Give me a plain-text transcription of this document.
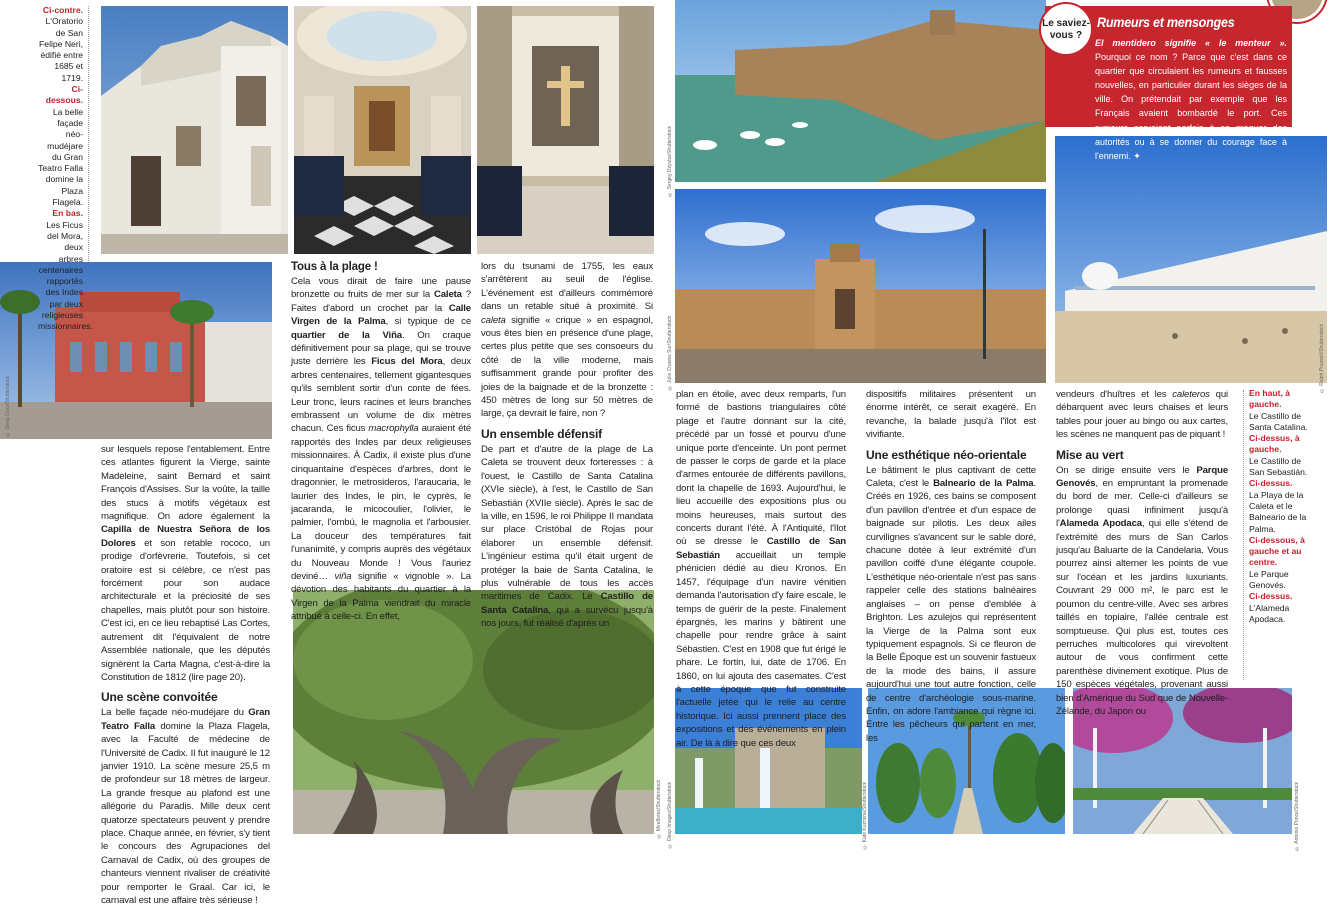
© Deep Gray/Shutterstock
© Sergey Dzyuba/Shutterstock
© Julio Chaves Sur/Shutterstock	© Ralph Prusseit/Shutterstock
© Miraflores/Shutterstock © Deep Images/Shutterstock	© Kate Kuzmina/Shutterstock	© Antonio Ponce/Shutterstock
Ci-contre.
L'Oratorio de San Felipe Neri, édifié entre 1685 et 1719.
Ci-dessous.
La belle façade néo-mudéjare du Gran Teatro Falla domine la Plaza Flagela.
En bas.
Les Ficus del Mora, deux arbres centenaires rapportés des Indes par deux religieuses missionnaires.

En haut, à gauche.
Le Castillo de Santa Catalina.
Ci-dessus, à gauche.
Le Castillo de San Sebastián.
Ci-dessus.
La Playa de la Caleta et le Balneario de la Palma.
Ci-dessous, à gauche et au centre.
Le Parque Genovés.
Ci-dessus.
L'Alameda Apodaca.

Le saviez-vous ?
Rumeurs et mensonges
El mentidero signifie « le menteur ». Pourquoi ce nom ? Parce que c'est dans ce quartier que circulaient les rumeurs et fausses nouvelles, en particulier durant les sièges de la ville. On prétendait par exemple que les Français avaient bombardé le port. Ces rumeurs servaient parfois à se moquer des autorités ou à se donner du courage face à l'ennemi. ✦

sur lesquels repose l'entablement. Entre ces atlantes figurent la Vierge, sainte Madeleine, saint Bernard et saint François d'Assises. Sur la voûte, la taille des stucs à motifs végétaux est magnifique. On adore également la Capilla de Nuestra Señora de los Dolores et son retable rococo, un prodige d'orfèvrerie. Toutefois, si cet oratoire est si célèbre, ce n'est pas forcément pour son audace architecturale et la préciosité de ses chapelles, mais plutôt pour son histoire. C'est ici, en ce lieu rebaptisé Las Cortes, autrement dit l'équivalent de notre Assemblée nationale, que les députés signèrent la Carta Magna, c'est-à-dire la Constitution de 1812 (lire page 20).

Une scène convoitée

La belle façade néo-mudéjare du Gran Teatro Falla domine la Plaza Flagela, avec la Faculté de médecine de l'Université de Cadix. Il fut inauguré le 12 janvier 1910. La scène mesure 25,5 m de profondeur sur 18 mètres de largeur. La grande fresque au plafond est une allégorie du Paradis. Mille deux cent quatorze spectateurs peuvent y prendre place. Chaque année, en février, s'y tient le concours des Agrupaciones del Carnaval de Cadix, où des groupes de chanteurs viennent rivaliser de créativité pour remporter le Graal. Car ici, le carnaval est une affaire très sérieuse !

Tous à la plage !

Cela vous dirait de faire une pause bronzette ou fruits de mer sur la Caleta ? Faites d'abord un crochet par la Calle Virgen de la Palma, si typique de ce quartier de la Viña. On craque définitivement pour sa plage, qui se trouve juste derrière les Ficus del Mora, deux arbres centenaires, tellement gigantesques qu'ils semblent sortir d'un conte de fées. Leur tronc, leurs racines et leurs branches embrassent un volume de dix mètres chacun. Ces ficus macrophylla auraient été rapportés des Indes par deux religieuses missionnaires. À Cadix, il existe plus d'une cinquantaine d'espèces d'arbres, dont le dragonnier, le metrosideros, l'araucaria, le laurier des Indes, le pin, le cyprès, le jacaranda, le micocoulier, l'olivier, le palmier, l'ombú, le magnolia et l'arbousier. La douceur des températures fait l'unanimité, y compris auprès des végétaux du Nouveau Monde ! Vous l'auriez deviné… viña signifie « vignoble ». La dévotion des habitants du quartier à la Virgen de la Palma viendrait du miracle attribué à celle-ci. En effet,

lors du tsunami de 1755, les eaux s'arrêtèrent au seuil de l'église. L'événement est d'ailleurs commémoré dans un retable situé à proximité. Si caleta signifie « crique » en espagnol, vous êtes bien en présence d'une plage, certes plus petite que ses consoeurs du côté de la ville moderne, mais suffisamment grande pour profiter des joies de la baignade et de la bronzette : 450 mètres de long sur 50 mètres de large, ça devrait le faire, non ?

Un ensemble défensif

De part et d'autre de la plage de La Caleta se trouvent deux forteresses : à l'ouest, le Castillo de Santa Catalina (XVIe siècle), à l'est, le Castillo de San Sebastián (XVIIe siècle). Après le sac de la ville, en 1596, le roi Philippe II mandata sur place Cristóbal de Rojas pour élaborer un ensemble défensif. L'ingénieur estima qu'il était urgent de protéger la baie de Santa Catalina, le plus vulnérable de tous les accès maritimes de Cadix. Le Castillo de Santa Catalina, qui a survécu jusqu'à nos jours, fut réalisé d'après un

plan en étoile, avec deux remparts, l'un formé de bastions triangulaires côté plage et l'autre donnant sur la cité, précédé par un fossé et pourvu d'une unique porte d'enceinte. Un pont permet de passer le corps de garde et la place d'armes entourée de différents pavillons, dont la chapelle de 1693. Aujourd'hui, le lieu accueille des expositions plus ou moins heureuses, mais surtout des concerts durant l'été. À l'Antiquité, l'îlot où se dresse le Castillo de San Sebastián accueillait un temple phénicien dédié au dieu Kronos. En 1457, l'équipage d'un navire vénitien demanda l'autorisation d'y faire escale, le temps de guérir de la peste. Finalement épargnés, les marins y bâtirent une chapelle pour rendre grâce à saint Sébastien. C'est en 1908 que fut érigé le phare. Le fortin, lui, date de 1706. En 1860, on lui ajouta des casemates. C'est à cette époque que fut construite l'actuelle jetée qui le relie au centre historique. Ici aussi prennent place des expositions et des événements en plein air. De là à dire que ces deux

dispositifs militaires présentent un énorme intérêt, ce serait exagéré. En revanche, la balade jusqu'à l'îlot est vivifiante.

Une esthétique néo-orientale

Le bâtiment le plus captivant de cette Caleta, c'est le Balneario de la Palma. Créés en 1926, ces bains se composent d'un pavillon d'entrée et d'un espace de baignade sur pilotis. Les deux ailes curvilignes s'avancent sur le sable doré, chacune dotée à leur extrémité d'un pavillon coiffé d'une élégante coupole. L'esthétique néo-orientale n'est pas sans rappeler celle des stations balnéaires anglaises – on pense d'emblée à Brighton. Les azulejos qui représentent la Vierge de la Palma sont eux typiquement espagnols. Si ce fleuron de la Belle Époque est un souvenir fastueux de la mode des bains, il assure aujourd'hui une tout autre fonction, celle de centre d'archéologie sous-marine. Enfin, on adore l'ambiance qui règne ici. Entre les pêcheurs qui partent en mer, les

vendeurs d'huîtres et les caleteros qui débarquent avec leurs chaises et leurs tables pour jouer au bingo ou aux cartes, les scènes ne manquent pas de piquant !

Mise au vert

On se dirige ensuite vers le Parque Genovés, en empruntant la promenade du bord de mer. Celle-ci d'ailleurs se prolonge quasi infiniment jusqu'à l'Alameda Apodaca, qui elle s'étend de l'extrémité des murs de San Carlos jusqu'au Baluarte de la Candelaria. Vous pourrez ainsi alterner les points de vue sur l'océan et les jardins luxuriants. Couvrant 29 000 m², le parc est le poumon du centre-ville. Avec ses arbres taillés en topiaire, l'allée centrale est somptueuse. Qui plus est, toutes ces perruches multicolores qui virevoltent autour de vous confirment cette parenthèse divinement exotique. Plus de 150 espèces végétales, provenant aussi bien d'Amérique du Sud que de Nouvelle-Zélande, du Japon ou
